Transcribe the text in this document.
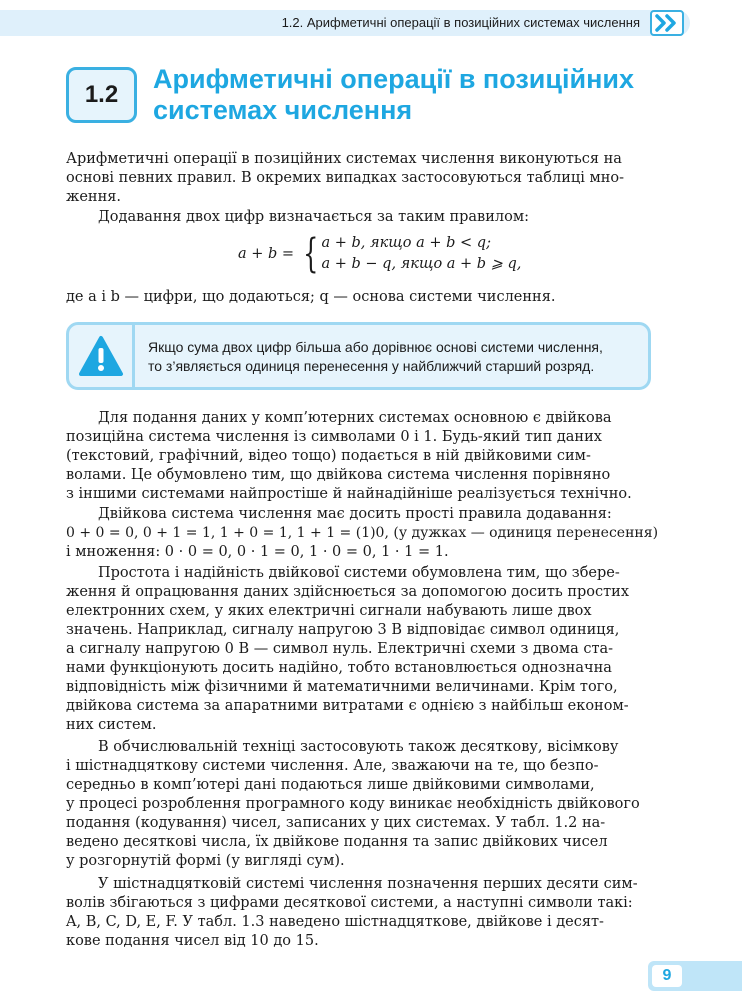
1.2. Арифметичні операції в позиційних системах числення
1.2
Арифметичні операції в позиційних
системах числення
Арифметичні операції в позиційних системах числення виконуються на
основі певних правил. В окремих випадках застосовуються таблиці мно-
ження.
Додавання двох цифр визначається за таким правилом:
a + b = { a + b, якщо a + b < q;
a + b − q, якщо a + b ⩾ q,
де a і b — цифри, що додаються; q — основа системи числення.
Якщо сума двох цифр більша або дорівнює основі системи числення,
то з’являється одиниця перенесення у найближчий старший розряд.
Для подання даних у комп’ютерних системах основною є двійкова
позиційна система числення із символами 0 і 1. Будь-який тип даних
(текстовий, графічний, відео тощо) подається в ній двійковими сим-
волами. Це обумовлено тим, що двійкова система числення порівняно
з іншими системами найпростіше й найнадійніше реалізується технічно.
Двійкова система числення має досить прості правила додавання:
0 + 0 = 0, 0 + 1 = 1, 1 + 0 = 1, 1 + 1 = (1)0, (у дужках — одиниця перенесення)
і множення: 0 · 0 = 0, 0 · 1 = 0, 1 · 0 = 0, 1 · 1 = 1.
Простота і надійність двійкової системи обумовлена тим, що збере-
ження й опрацювання даних здійснюється за допомогою досить простих
електронних схем, у яких електричні сигнали набувають лише двох
значень. Наприклад, сигналу напругою 3 В відповідає символ одиниця,
а сигналу напругою 0 В — символ нуль. Електричні схеми з двома ста-
нами функціонують досить надійно, тобто встановлюється однозначна
відповідність між фізичними й математичними величинами. Крім того,
двійкова система за апаратними витратами є однією з найбільш економ-
них систем.
В обчислювальній техніці застосовують також десяткову, вісімкову
і шістнадцяткову системи числення. Але, зважаючи на те, що безпо-
середньо в комп’ютері дані подаються лише двійковими символами,
у процесі розроблення програмного коду виникає необхідність двійкового
подання (кодування) чисел, записаних у цих системах. У табл. 1.2 на-
ведено десяткові числа, їх двійкове подання та запис двійкових чисел
у розгорнутій формі (у вигляді сум).
У шістнадцятковій системі числення позначення перших десяти сим-
волів збігаються з цифрами десяткової системи, а наступні символи такі:
A, B, C, D, E, F. У табл. 1.3 наведено шістнадцяткове, двійкове і десят-
кове подання чисел від 10 до 15.
9
